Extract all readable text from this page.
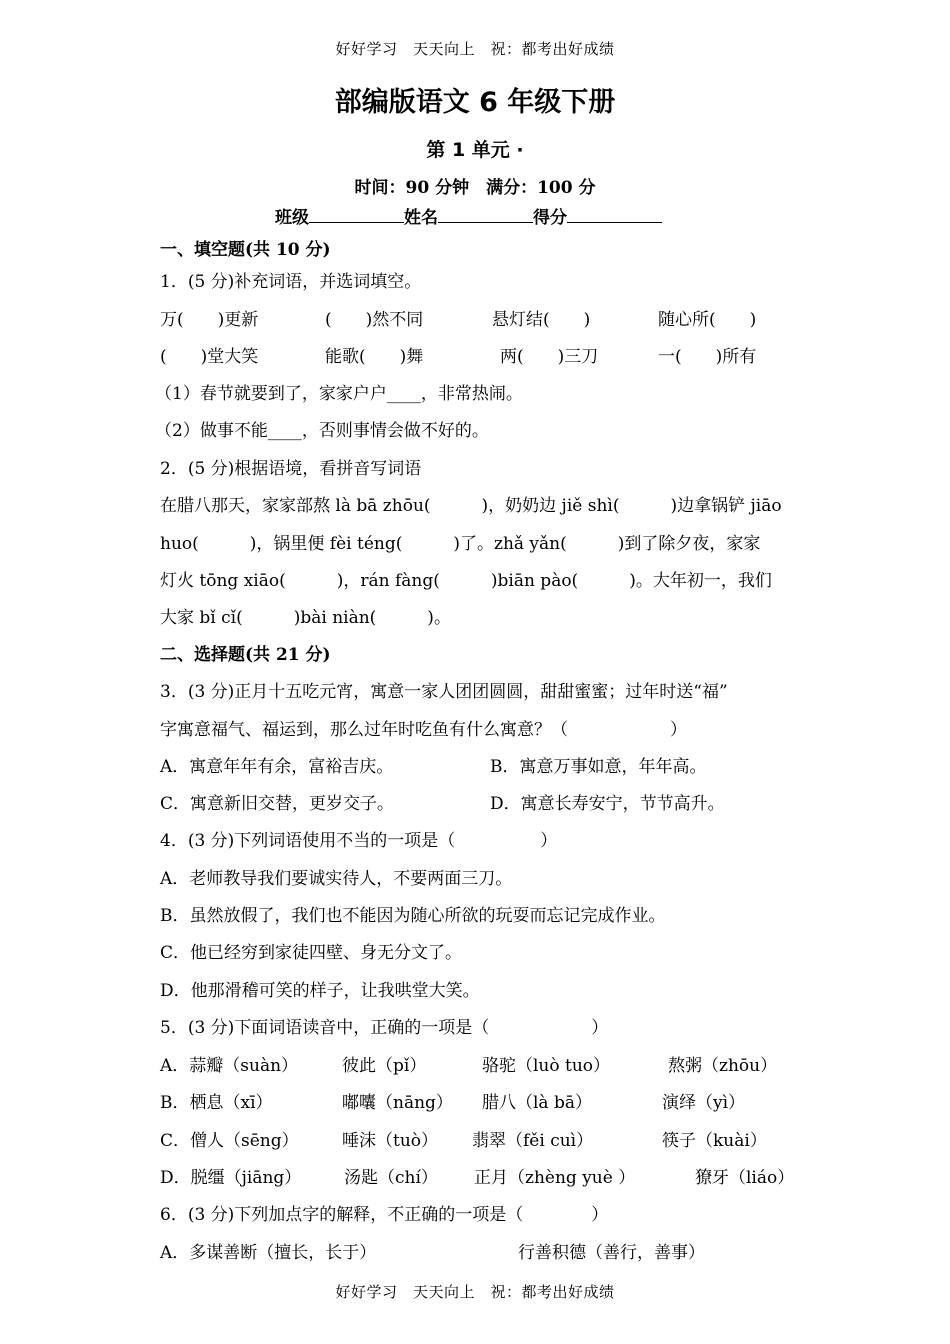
好好学习　天天向上　祝：都考出好成绩
部编版语文 6 年级下册
第 1 单元 ·
时间：90 分钟　满分：100 分
班级	姓名	得分
一、填空题(共 10 分)
1．(5 分)补充词语，并选词填空。
万(　　)更新	(　　)然不同	悬灯结(　　)	随心所(　　)
(　　)堂大笑	能歌(　　)舞	两(　　)三刀	一(　　)所有
（1）春节就要到了，家家户户____，非常热闹。
（2）做事不能____，否则事情会做不好的。
2．(5 分)根据语境，看拼音写词语
在腊八那天，家家部熬 là bā zhōu(　　　)，奶奶边 jiě shì(　　　)边拿锅铲 jiāo
huo(　　　)，锅里便 fèi téng(　　　)了。zhǎ yǎn(　　　)到了除夕夜，家家
灯火 tōng xiāo(　　　)，rán fàng(　　　)biān pào(　　　)。大年初一，我们
大家 bǐ cǐ(　　　)bài niàn(　　　)。
二、选择题(共 21 分)
3．(3 分)正月十五吃元宵，寓意一家人团团圆圆，甜甜蜜蜜；过年时送“福”
字寓意福气、福运到，那么过年时吃鱼有什么寓意？（　　　　　　）
A．寓意年年有余，富裕吉庆。	B．寓意万事如意，年年高。
C．寓意新旧交替，更岁交子。	D．寓意长寿安宁，节节高升。
4．(3 分)下列词语使用不当的一项是（　　　　　）
A．老师教导我们要诚实待人，不要两面三刀。
B．虽然放假了，我们也不能因为随心所欲的玩耍而忘记完成作业。
C．他已经穷到家徒四壁、身无分文了。
D．他那滑稽可笑的样子，让我哄堂大笑。
5．(3 分)下面词语读音中，正确的一项是（　　　　　　）
A．蒜瓣（suàn）	彼此（pǐ）	骆驼（luò tuo）	熬粥（zhōu）
B．栖息（xī）	嘟囔（nāng） 腊八（là bā）	演绎（yì）
C．僧人（sēng）	唾沫（tuò） 翡翠（fěi cuì）	筷子（kuài）
D．脱缰（jiāng）	汤匙（chí） 正月（zhèng yuè ）	獠牙（liáo）
6．(3 分)下列加点字的解释，不正确的一项是（　　　　）
A．多谋善断（擅长，长于）	行善积德（善行，善事）
好好学习　天天向上　祝：都考出好成绩
